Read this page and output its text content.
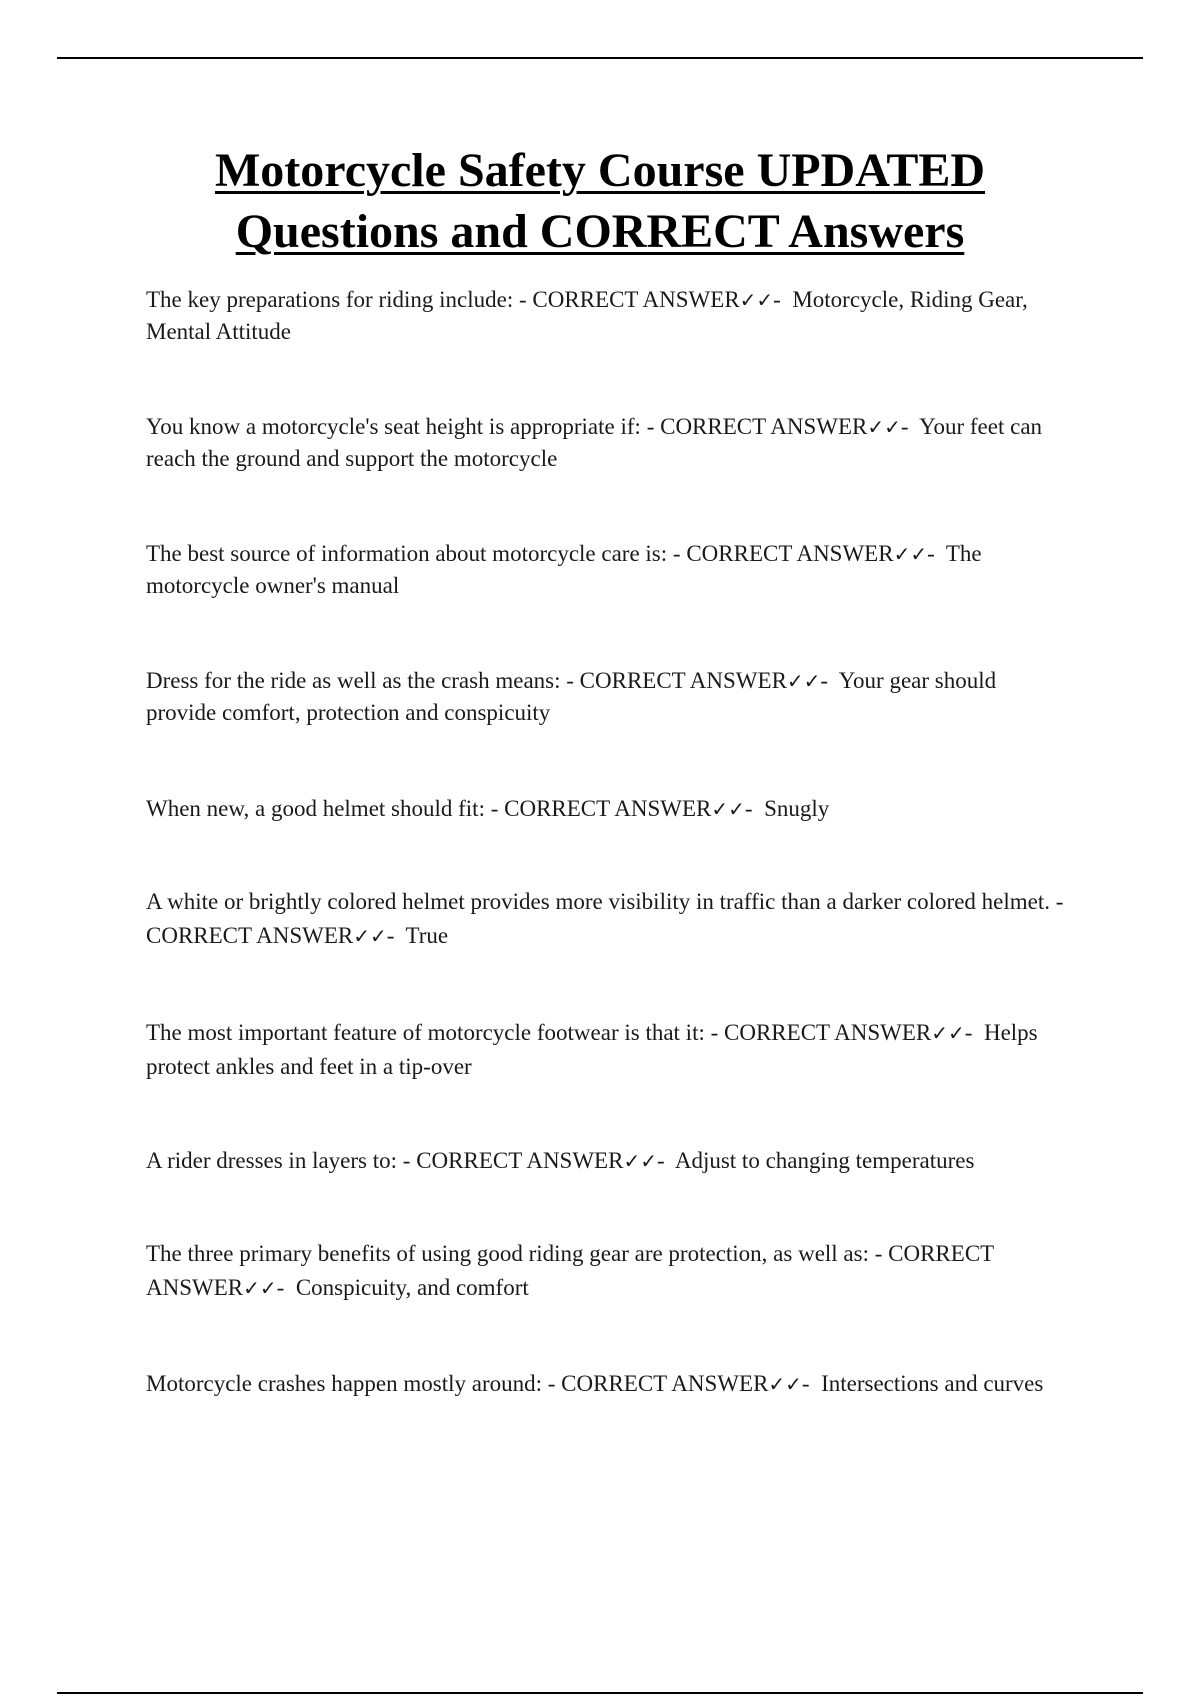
Motorcycle Safety Course UPDATED
Questions and CORRECT Answers

The key preparations for riding include: - CORRECT ANSWER✓✓-  Motorcycle, Riding Gear, Mental Attitude

You know a motorcycle's seat height is appropriate if: - CORRECT ANSWER✓✓-  Your feet can reach the ground and support the motorcycle

The best source of information about motorcycle care is: - CORRECT ANSWER✓✓-  The motorcycle owner's manual

Dress for the ride as well as the crash means: - CORRECT ANSWER✓✓-  Your gear should provide comfort, protection and conspicuity

When new, a good helmet should fit: - CORRECT ANSWER✓✓-  Snugly

A white or brightly colored helmet provides more visibility in traffic than a darker colored helmet. - CORRECT ANSWER✓✓-  True

The most important feature of motorcycle footwear is that it: - CORRECT ANSWER✓✓-  Helps protect ankles and feet in a tip-over

A rider dresses in layers to: - CORRECT ANSWER✓✓-  Adjust to changing temperatures

The three primary benefits of using good riding gear are protection, as well as: - CORRECT ANSWER✓✓-  Conspicuity, and comfort

Motorcycle crashes happen mostly around: - CORRECT ANSWER✓✓-  Intersections and curves
